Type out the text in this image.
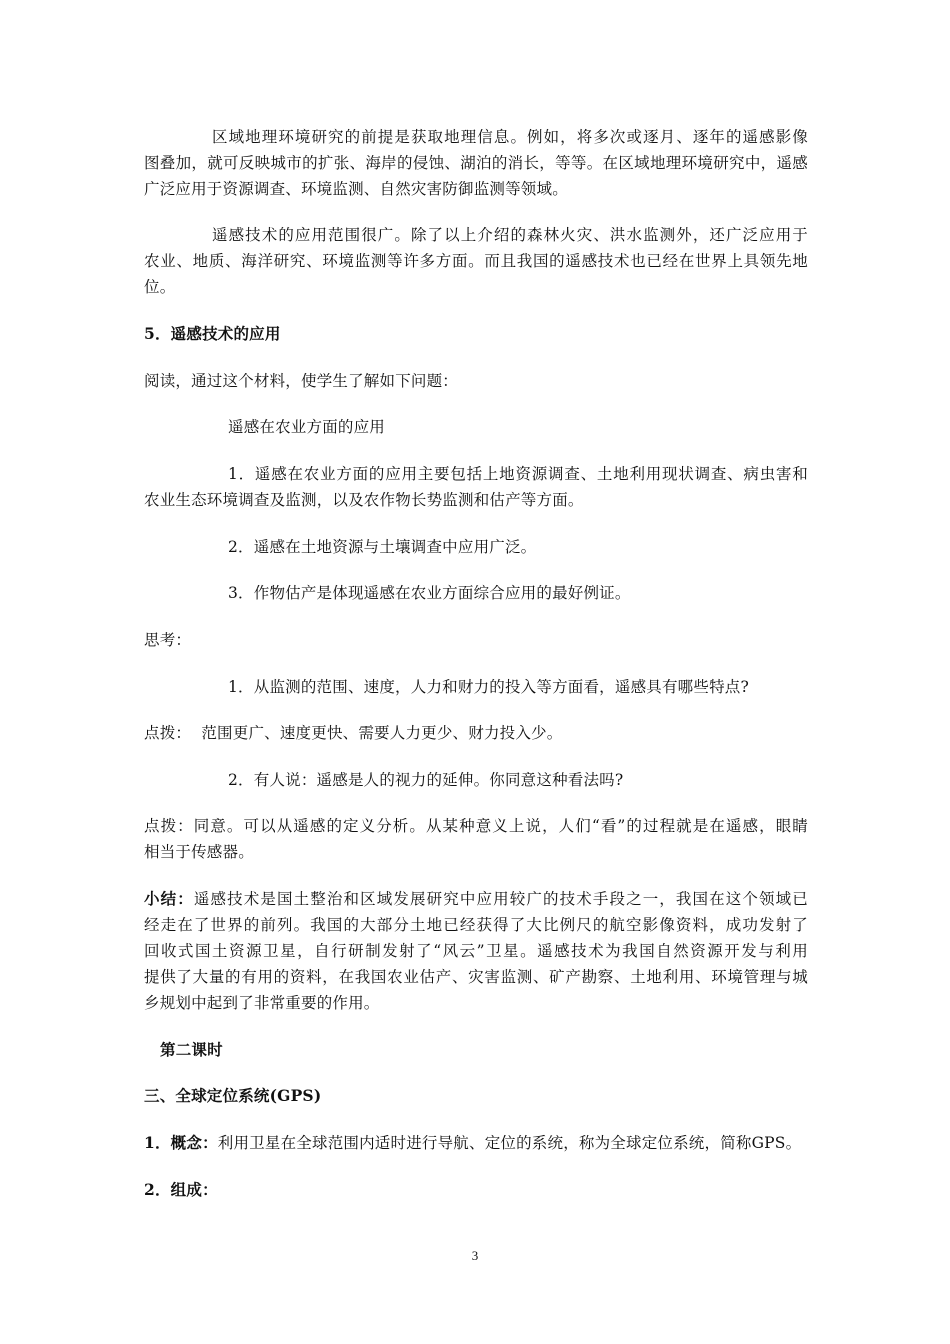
区域地理环境研究的前提是获取地理信息。例如，将多次或逐月、逐年的遥感影像
图叠加，就可反映城市的扩张、海岸的侵蚀、湖泊的消长，等等。在区域地理环境研究中，遥感
广泛应用于资源调查、环境监测、自然灾害防御监测等领域。
遥感技术的应用范围很广。除了以上介绍的森林火灾、洪水监测外，还广泛应用于
农业、地质、海洋研究、环境监测等许多方面。而且我国的遥感技术也已经在世界上具领先地
位。
5．遥感技术的应用
阅读，通过这个材料，使学生了解如下问题：
遥感在农业方面的应用
1．遥感在农业方面的应用主要包括上地资源调查、土地利用现状调查、病虫害和
农业生态环境调查及监测，以及农作物长势监测和估产等方面。
2．遥感在土地资源与土壤调查中应用广泛。
3．作物估产是体现遥感在农业方面综合应用的最好例证。
思考：
1．从监测的范围、速度，人力和财力的投入等方面看，遥感具有哪些特点?
点拨：  范围更广、速度更快、需要人力更少、财力投入少。
2．有人说：遥感是人的视力的延伸。你同意这种看法吗?
点拨：同意。可以从遥感的定义分析。从某种意义上说，人们“看”的过程就是在遥感，眼睛
相当于传感器。
小结：遥感技术是国土整治和区域发展研究中应用较广的技术手段之一，我国在这个领域已
经走在了世界的前列。我国的大部分土地已经获得了大比例尺的航空影像资料，成功发射了
回收式国土资源卫星，自行研制发射了“风云”卫星。遥感技术为我国自然资源开发与利用
提供了大量的有用的资料，在我国农业估产、灾害监测、矿产勘察、土地利用、环境管理与城
乡规划中起到了非常重要的作用。
第二课时
三、全球定位系统(GPS)
1．概念：利用卫星在全球范围内适时进行导航、定位的系统，称为全球定位系统，简称GPS。
2．组成：
3
